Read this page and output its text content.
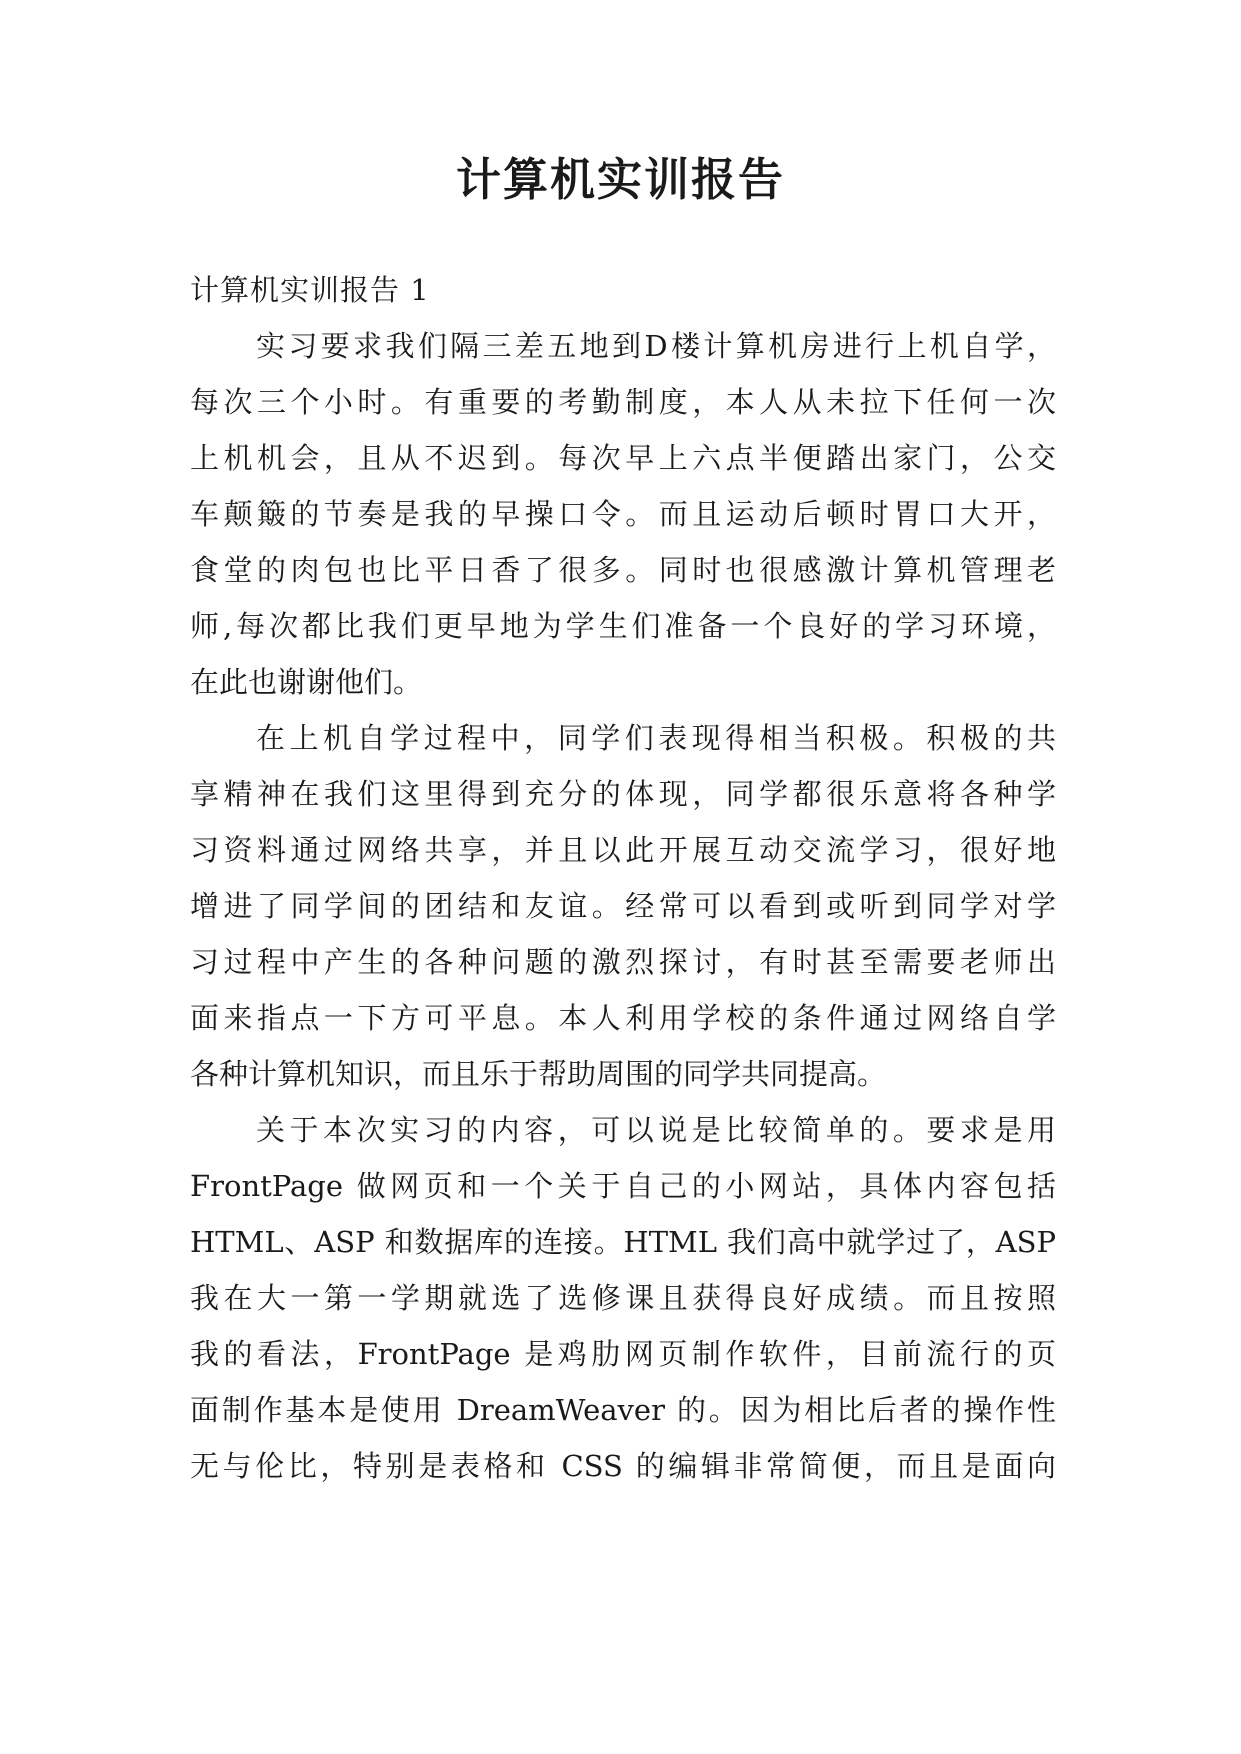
计算机实训报告
计算机实训报告 1

实习要求我们隔三差五地到D楼计算机房进行上机自学，
每次三个小时。有重要的考勤制度，本人从未拉下任何一次
上机机会，且从不迟到。每次早上六点半便踏出家门，公交
车颠簸的节奏是我的早操口令。而且运动后顿时胃口大开，
食堂的肉包也比平日香了很多。同时也很感激计算机管理老
师,每次都比我们更早地为学生们准备一个良好的学习环境，
在此也谢谢他们。

在上机自学过程中，同学们表现得相当积极。积极的共
享精神在我们这里得到充分的体现，同学都很乐意将各种学
习资料通过网络共享，并且以此开展互动交流学习，很好地
增进了同学间的团结和友谊。经常可以看到或听到同学对学
习过程中产生的各种问题的激烈探讨，有时甚至需要老师出
面来指点一下方可平息。本人利用学校的条件通过网络自学
各种计算机知识，而且乐于帮助周围的同学共同提高。

关于本次实习的内容，可以说是比较简单的。要求是用
FrontPage 做网页和一个关于自己的小网站，具体内容包括
HTML、ASP 和数据库的连接。HTML 我们高中就学过了，ASP
我在大一第一学期就选了选修课且获得良好成绩。而且按照
我的看法，FrontPage 是鸡肋网页制作软件，目前流行的页
面制作基本是使用 DreamWeaver 的。因为相比后者的操作性
无与伦比，特别是表格和 CSS 的编辑非常简便，而且是面向
